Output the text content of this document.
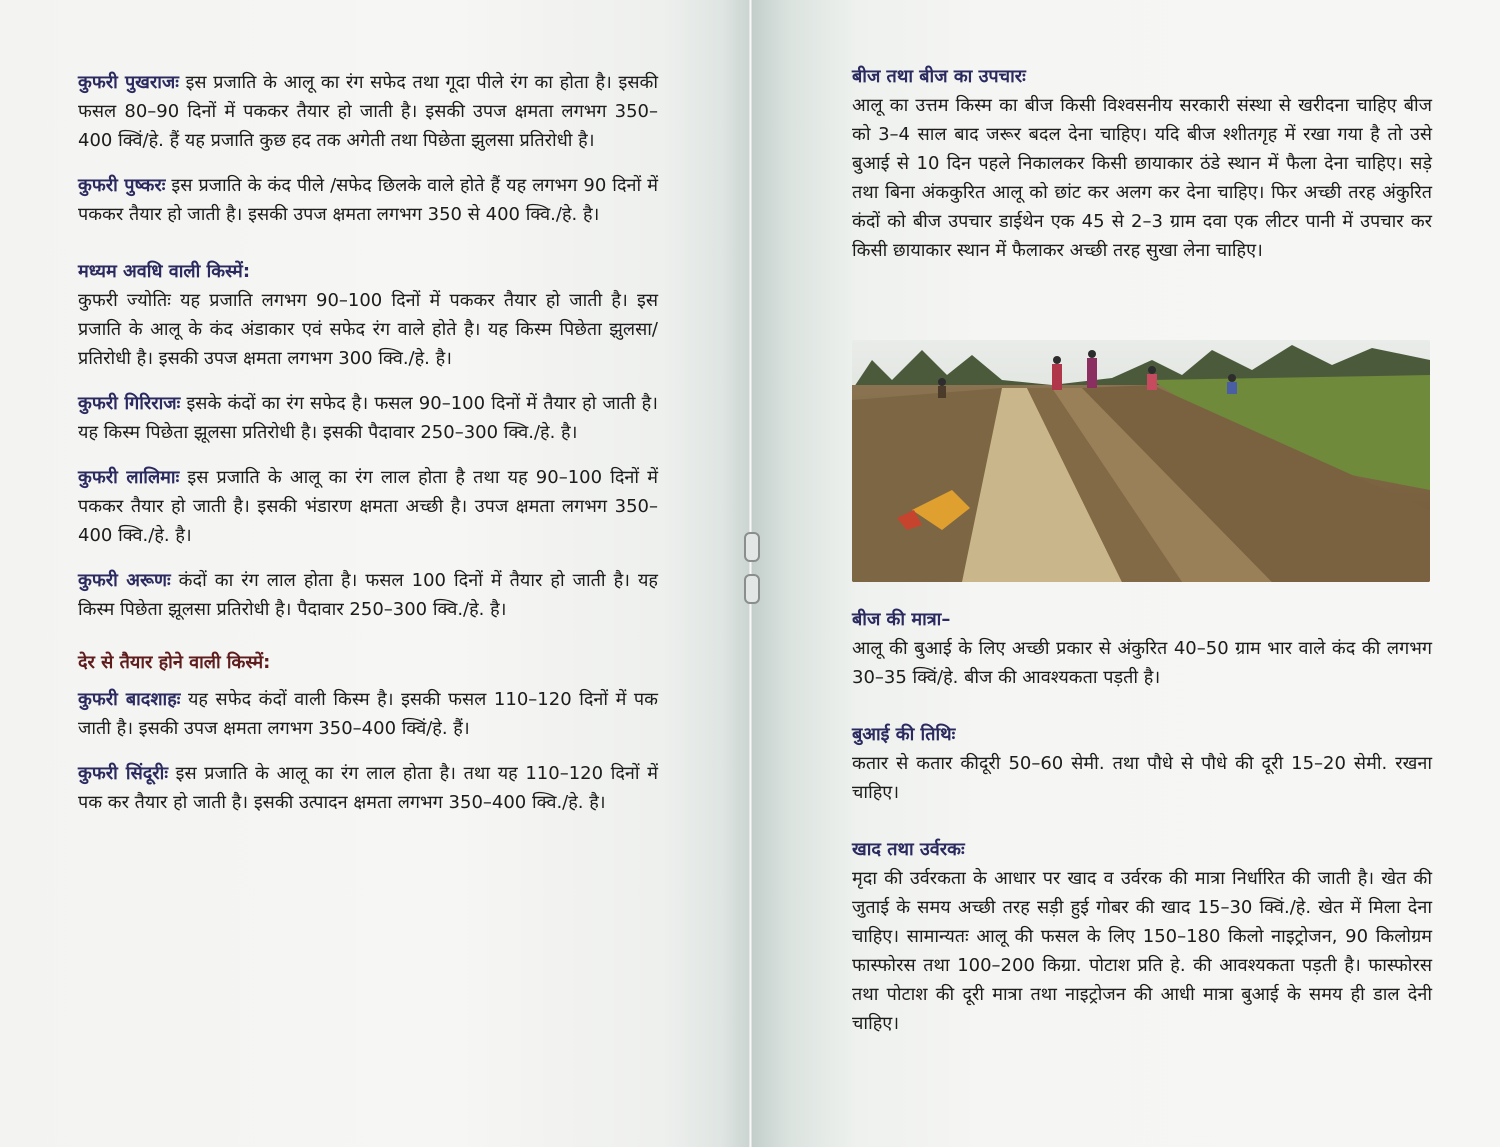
कुफरी पुखराजः इस प्रजाति के आलू का रंग सफेद तथा गूदा पीले रंग का होता है। इसकी फसल 80–90 दिनों में पककर तैयार हो जाती है। इसकी उपज क्षमता लगभग 350–400 क्विं/हे. हैं यह प्रजाति कुछ हद तक अगेती तथा पिछेता झुलसा प्रतिरोधी है।

कुफरी पुष्करः इस प्रजाति के कंद पीले /सफेद छिलके वाले होते हैं यह लगभग 90 दिनों में पककर तैयार हो जाती है। इसकी उपज क्षमता लगभग 350 से 400 क्वि./हे. है।

मध्यम अवधि वाली किस्में:

कुफरी ज्योतिः यह प्रजाति लगभग 90–100 दिनों में पककर तैयार हो जाती है। इस प्रजाति के आलू के कंद अंडाकार एवं सफेद रंग वाले होते है। यह किस्म पिछेता झुलसा/प्रतिरोधी है। इसकी उपज क्षमता लगभग 300 क्वि./हे. है।

कुफरी गिरिराजः इसके कंदों का रंग सफेद है। फसल 90–100 दिनों में तैयार हो जाती है। यह किस्म पिछेता झूलसा प्रतिरोधी है। इसकी पैदावार 250–300 क्वि./हे. है।

कुफरी लालिमाः इस प्रजाति के आलू का रंग लाल होता है तथा यह 90–100 दिनों में पककर तैयार हो जाती है। इसकी भंडारण क्षमता अच्छी है। उपज क्षमता लगभग 350–400 क्वि./हे. है।

कुफरी अरूणः कंदों का रंग लाल होता है। फसल 100 दिनों में तैयार हो जाती है। यह किस्म पिछेता झूलसा प्रतिरोधी है। पैदावार 250–300 क्वि./हे. है।

देर से तैयार होने वाली किस्में:

कुफरी बादशाहः यह सफेद कंदों वाली किस्म है। इसकी फसल 110–120 दिनों में पक जाती है। इसकी उपज क्षमता लगभग 350–400 क्विं/हे. हैं।

कुफरी सिंदूरीः इस प्रजाति के आलू का रंग लाल होता है। तथा यह 110–120 दिनों में पक कर तैयार हो जाती है। इसकी उत्पादन क्षमता लगभग 350–400 क्वि./हे. है।

बीज तथा बीज का उपचारः

आलू का उत्तम किस्म का बीज किसी विश्वसनीय सरकारी संस्था से खरीदना चाहिए बीज को 3–4 साल बाद जरूर बदल देना चाहिए। यदि बीज श्शीतगृह में रखा गया है तो उसे बुआई से 10 दिन पहले निकालकर किसी छायाकार ठंडे स्थान में फैला देना चाहिए। सड़े तथा बिना अंककुरित आलू को छांट कर अलग कर देना चाहिए। फिर अच्छी तरह अंकुरित कंदों को बीज उपचार डाईथेन एक 45 से 2–3 ग्राम दवा एक लीटर पानी में उपचार कर किसी छायाकार स्थान में फैलाकर अच्छी तरह सुखा लेना चाहिए।

बीज की मात्रा–

आलू की बुआई के लिए अच्छी प्रकार से अंकुरित 40–50 ग्राम भार वाले कंद की लगभग 30–35 क्विं/हे. बीज की आवश्यकता पड़ती है।

बुआई की तिथिः

कतार से कतार कीदूरी 50–60 सेमी. तथा पौधे से पौधे की दूरी 15–20 सेमी. रखना चाहिए।

खाद तथा उर्वरकः

मृदा की उर्वरकता के आधार पर खाद व उर्वरक की मात्रा निर्धारित की जाती है। खेत की जुताई के समय अच्छी तरह सड़ी हुई गोबर की खाद 15–30 क्विं./हे. खेत में मिला देना चाहिए। सामान्यतः आलू की फसल के लिए 150–180 किलो नाइट्रोजन, 90 किलोग्रम फास्फोरस तथा 100–200 किग्रा. पोटाश प्रति हे. की आवश्यकता पड़ती है। फास्फोरस तथा पोटाश की दूरी मात्रा तथा नाइट्रोजन की आधी मात्रा बुआई के समय ही डाल देनी चाहिए।
